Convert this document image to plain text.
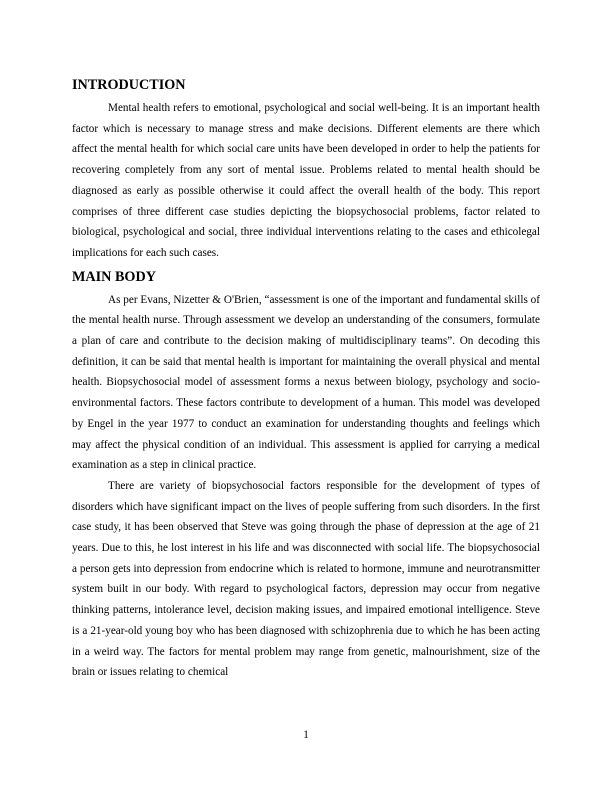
INTRODUCTION

Mental health refers to emotional, psychological and social well-being. It is an important health factor which is necessary to manage stress and make decisions. Different elements are there which affect the mental health for which social care units have been developed in order to help the patients for recovering completely from any sort of mental issue. Problems related to mental health should be diagnosed as early as possible otherwise it could affect the overall health of the body. This report comprises of three different case studies depicting the biopsychosocial problems, factor related to biological, psychological and social, three individual interventions relating to the cases and ethicolegal implications for each such cases.

MAIN BODY

As per Evans, Nizetter & O'Brien, “assessment is one of the important and fundamental skills of the mental health nurse. Through assessment we develop an understanding of the consumers, formulate a plan of care and contribute to the decision making of multidisciplinary teams”. On decoding this definition, it can be said that mental health is important for maintaining the overall physical and mental health. Biopsychosocial model of assessment forms a nexus between biology, psychology and socio-environmental factors. These factors contribute to development of a human. This model was developed by Engel in the year 1977 to conduct an examination for understanding thoughts and feelings which may affect the physical condition of an individual. This assessment is applied for carrying a medical examination as a step in clinical practice.

There are variety of biopsychosocial factors responsible for the development of types of disorders which have significant impact on the lives of people suffering from such disorders. In the first case study, it has been observed that Steve was going through the phase of depression at the age of 21 years. Due to this, he lost interest in his life and was disconnected with social life. The biopsychosocial a person gets into depression from endocrine which is related to hormone, immune and neurotransmitter system built in our body. With regard to psychological factors, depression may occur from negative thinking patterns, intolerance level, decision making issues, and impaired emotional intelligence. Steve is a 21-year-old young boy who has been diagnosed with schizophrenia due to which he has been acting in a weird way. The factors for mental problem may range from genetic, malnourishment, size of the brain or issues relating to chemical

1
